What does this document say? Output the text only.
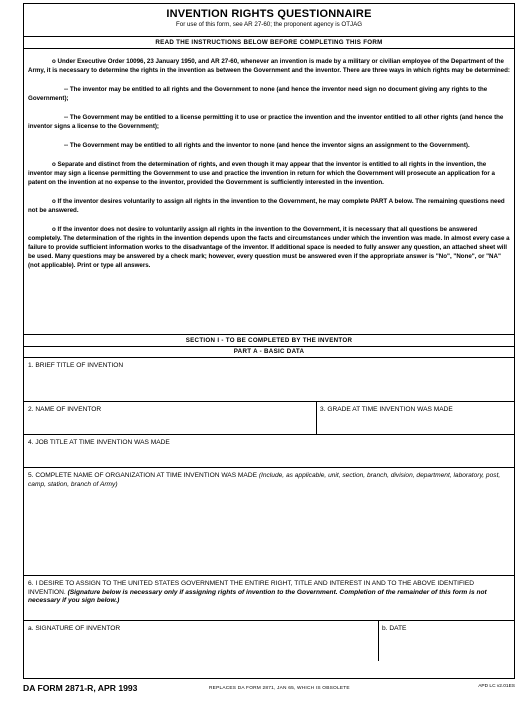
INVENTION RIGHTS QUESTIONNAIRE
For use of this form, see AR 27-60; the proponent agency is OTJAG
READ THE INSTRUCTIONS BELOW BEFORE COMPLETING THIS FORM

o Under Executive Order 10096, 23 January 1950, and AR 27-60, whenever an invention is made by a military or civilian employee of the Department of the Army, it is necessary to determine the rights in the invention as between the Government and the inventor. There are three ways in which rights may be determined:

-- The inventor may be entitled to all rights and the Government to none (and hence the inventor need sign no document giving any rights to the Government);

-- The Government may be entitled to a license permitting it to use or practice the invention and the inventor entitled to all other rights (and hence the inventor signs a license to the Government);

-- The Government may be entitled to all rights and the inventor to none (and hence the inventor signs an assignment to the Government).

o Separate and distinct from the determination of rights, and even though it may appear that the inventor is entitled to all rights in the invention, the inventor may sign a license permitting the Government to use and practice the invention in return for which the Government will prosecute an application for a patent on the invention at no expense to the inventor, provided the Government is sufficiently interested in the invention.

o If the inventor desires voluntarily to assign all rights in the invention to the Government, he may complete PART A below. The remaining questions need not be answered.

o If the inventor does not desire to voluntarily assign all rights in the invention to the Government, it is necessary that all questions be answered completely. The determination of the rights in the invention depends upon the facts and circumstances under which the invention was made. In almost every case a failure to provide sufficient information works to the disadvantage of the inventor. If additional space is needed to fully answer any question, an attached sheet will be used. Many questions may be answered by a check mark; however, every question must be answered even if the appropriate answer is "No", "None", or "NA"(not applicable). Print or type all answers.

SECTION I - TO BE COMPLETED BY THE INVENTOR
PART A - BASIC DATA
1. BRIEF TITLE OF INVENTION
2. NAME OF INVENTOR	3. GRADE AT TIME INVENTION WAS MADE
4. JOB TITLE AT TIME INVENTION WAS MADE
5. COMPLETE NAME OF ORGANIZATION AT TIME INVENTION WAS MADE (Include, as applicable, unit, section, branch, division, department, laboratory, post, camp, station, branch of Army)
6. I DESIRE TO ASSIGN TO THE UNITED STATES GOVERNMENT THE ENTIRE RIGHT, TITLE AND INTEREST IN AND TO THE ABOVE IDENTIFIED INVENTION. (Signature below is necessary only if assigning rights of invention to the Government. Completion of the remainder of this form is not necessary if you sign below.)
a. SIGNATURE OF INVENTOR	b. DATE
DA FORM 2871-R, APR 1993	REPLACES DA FORM 2871, JAN 65, WHICH IS OBSOLETE	APD LC v2.01ES
